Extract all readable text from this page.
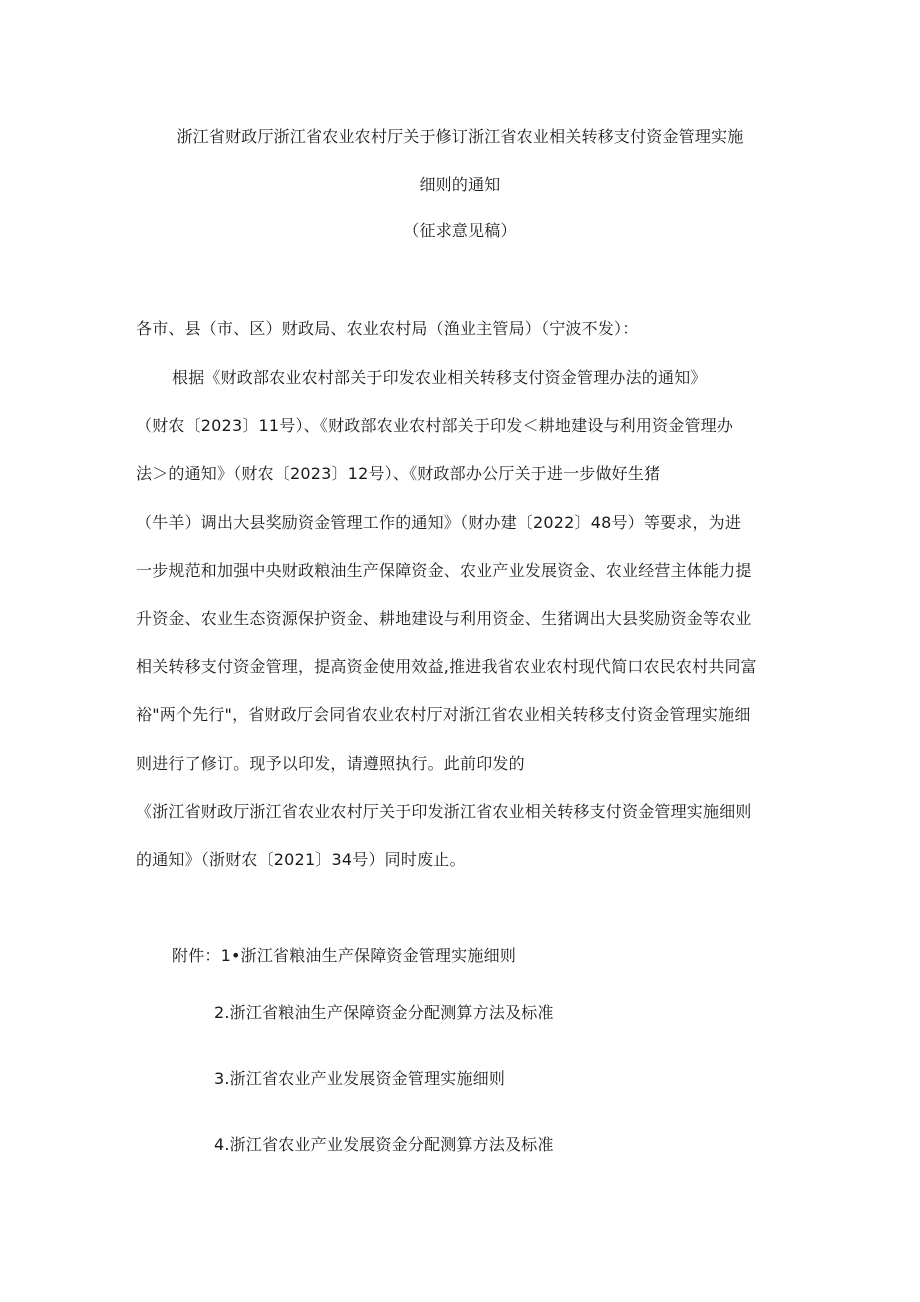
浙江省财政厅浙江省农业农村厅关于修订浙江省农业相关转移支付资金管理实施
细则的通知
（征求意见稿）
各市、县（市、区）财政局、农业农村局（渔业主管局）（宁波不发）：
根据《财政部农业农村部关于印发农业相关转移支付资金管理办法的通知》
（财农〔2023〕11号）、《财政部农业农村部关于印发＜耕地建设与利用资金管理办
法＞的通知》（财农〔2023〕12号）、《财政部办公厅关于进一步做好生猪
（牛羊）调出大县奖励资金管理工作的通知》（财办建〔2022〕48号）等要求，为进
一步规范和加强中央财政粮油生产保障资金、农业产业发展资金、农业经营主体能力提
升资金、农业生态资源保护资金、耕地建设与利用资金、生猪调出大县奖励资金等农业
相关转移支付资金管理，提高资金使用效益,推进我省农业农村现代简口农民农村共同富
裕"两个先行"，省财政厅会同省农业农村厅对浙江省农业相关转移支付资金管理实施细
则进行了修订。现予以印发，请遵照执行。此前印发的
《浙江省财政厅浙江省农业农村厅关于印发浙江省农业相关转移支付资金管理实施细则
的通知》（浙财农〔2021〕34号）同时废止。
附件：1•浙江省粮油生产保障资金管理实施细则
2.浙江省粮油生产保障资金分配测算方法及标准
3.浙江省农业产业发展资金管理实施细则
4.浙江省农业产业发展资金分配测算方法及标准
